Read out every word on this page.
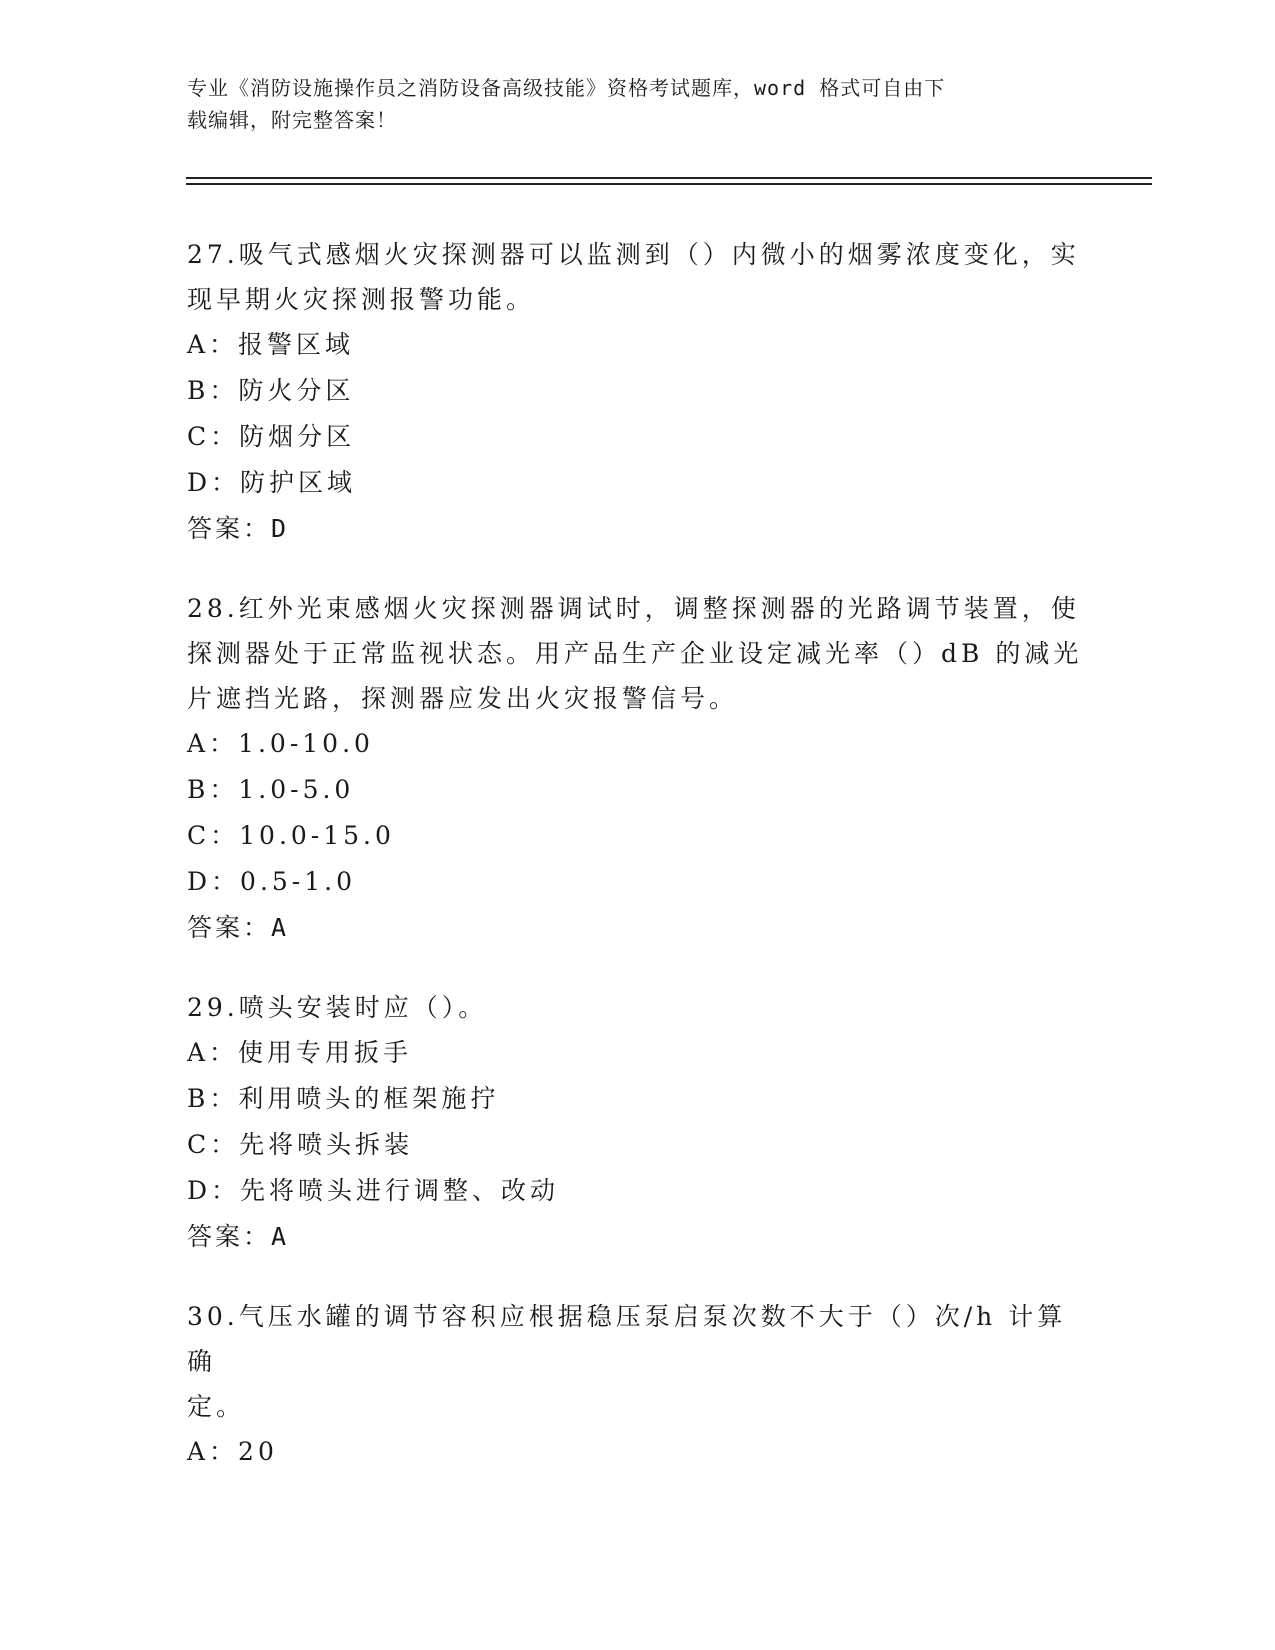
专业《消防设施操作员之消防设备高级技能》资格考试题库，word 格式可自由下
载编辑，附完整答案！
27.吸气式感烟火灾探测器可以监测到（）内微小的烟雾浓度变化，实
现早期火灾探测报警功能。
A：报警区域
B：防火分区
C：防烟分区
D：防护区域
答案：D
28.红外光束感烟火灾探测器调试时，调整探测器的光路调节装置，使
探测器处于正常监视状态。用产品生产企业设定减光率（）dB 的减光
片遮挡光路，探测器应发出火灾报警信号。
A：1.0-10.0
B：1.0-5.0
C：10.0-15.0
D：0.5-1.0
答案：A
29.喷头安装时应（）。
A：使用专用扳手
B：利用喷头的框架施拧
C：先将喷头拆装
D：先将喷头进行调整、改动
答案：A
30.气压水罐的调节容积应根据稳压泵启泵次数不大于（）次/h 计算确
定。
A：20
